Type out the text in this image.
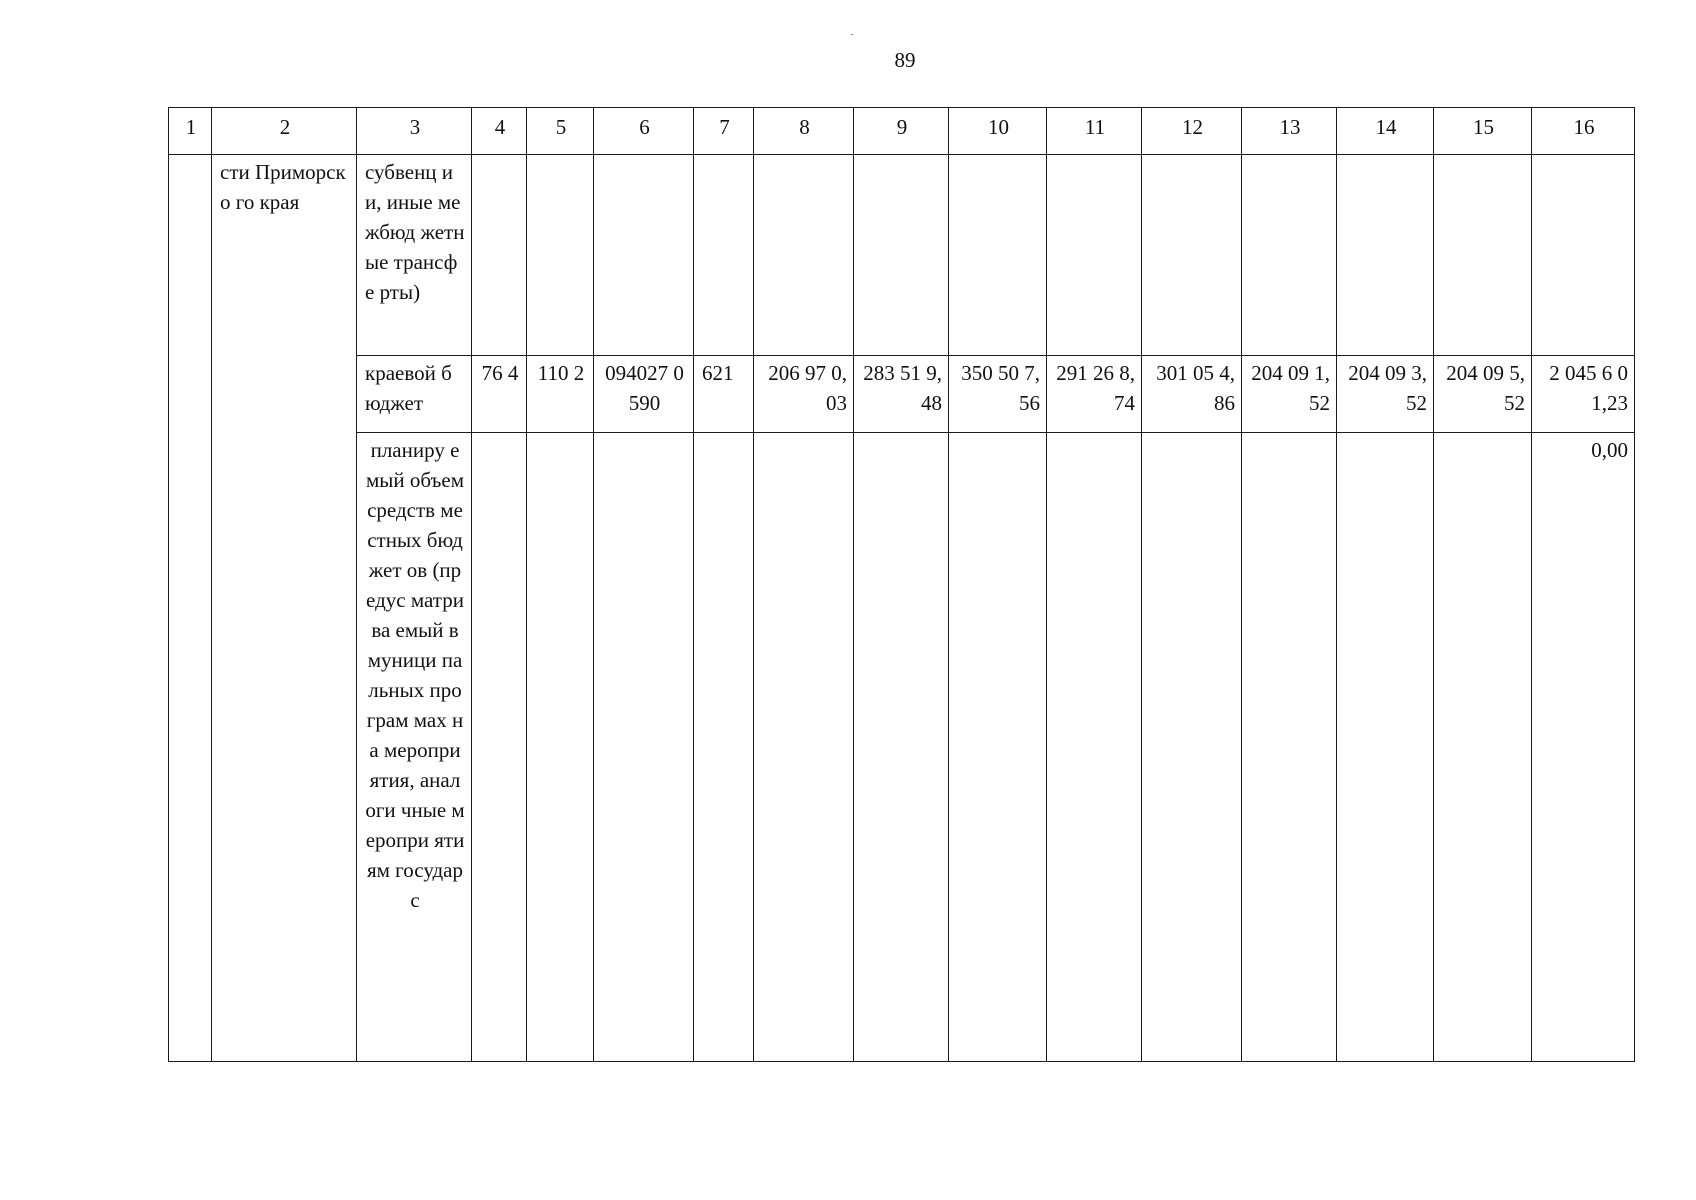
89
1	2	3	4	5	6	7	8	9	10	11	12	13	14	15	16
	сти Приморско го края	субвенц ии, иные межбюд жетные трансфе рты)													
		краевой бюджет	76 4	110 2	094027 0590	621	206 97 0,03	283 51 9,48	350 50 7,56	291 26 8,74	301 05 4,86	204 09 1,52	204 09 3,52	204 09 5,52	2 045 6 01,23
		планиру емый объем средств местных бюджет ов (предус матрива емый в муници пальных програм мах на меропри ятия, аналоги чные меропри ятиям государс													0,00
